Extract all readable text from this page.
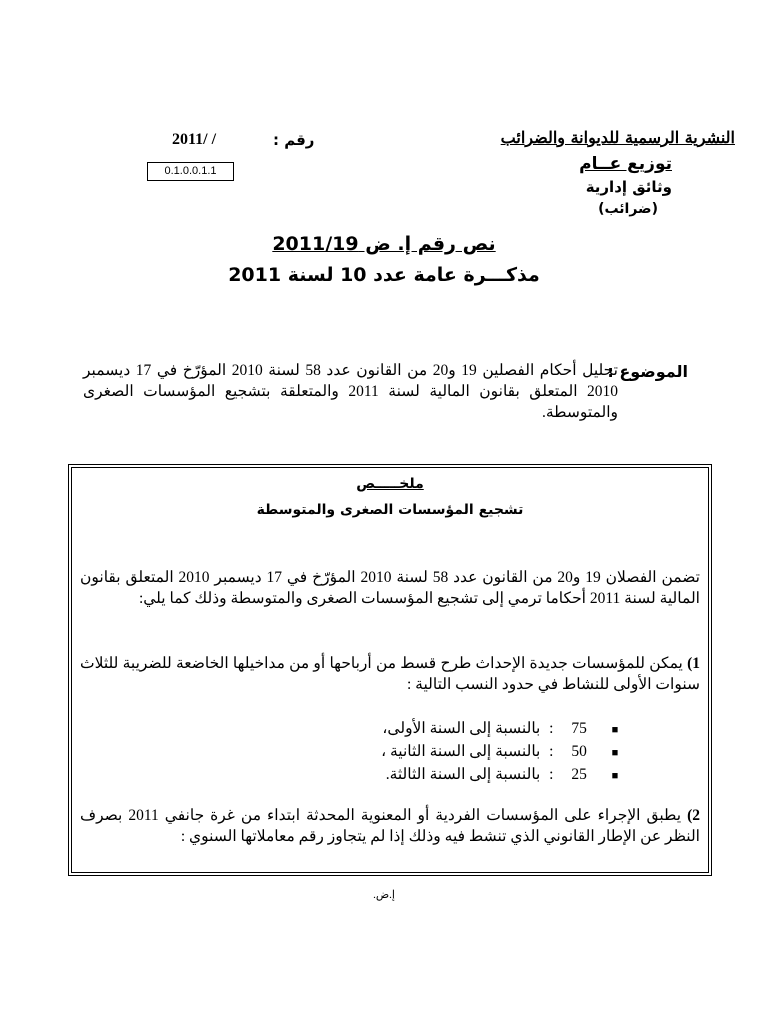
النشرية الرسمية للديوانة والضرائب
توزيع عــام
وثائق إدارية
(ضرائب)
رقم :
2011/ /
0.1.0.0.1.1
نص رقم إ. ض 2011/19
مذكـــرة عامة عدد 10 لسنة 2011
الموضوع :
تحليل أحكام الفصلين 19 و20 من القانون عدد 58 لسنة 2010 المؤرّخ في 17 ديسمبر 2010 المتعلق بقانون المالية لسنة 2011 والمتعلقة بتشجيع المؤسسات الصغرى والمتوسطة.
ملخـــــص
تشجيع المؤسسات الصغرى والمتوسطة
تضمن الفصلان 19 و20 من القانون عدد 58 لسنة 2010 المؤرّخ في 17 ديسمبر 2010 المتعلق بقانون المالية لسنة 2011 أحكاما ترمي إلى تشجيع المؤسسات الصغرى والمتوسطة وذلك كما يلي:
1) يمكن للمؤسسات جديدة الإحداث طرح قسط من أرباحها أو من مداخيلها الخاضعة للضريبة للثلاث سنوات الأولى للنشاط في حدود النسب التالية :
■ 75 : بالنسبة إلى السنة الأولى،
■ 50 : بالنسبة إلى السنة الثانية ،
■ 25 : بالنسبة إلى السنة الثالثة.
2) يطبق الإجراء على المؤسسات الفردية أو المعنوية المحدثة ابتداء من غرة جانفي 2011 بصرف النظر عن الإطار القانوني الذي تنشط فيه وذلك إذا لم يتجاوز رقم معاملاتها السنوي :
إ.ض.
